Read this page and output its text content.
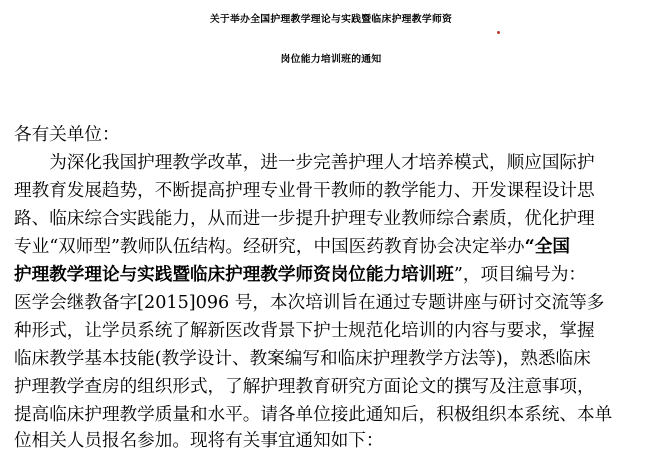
关于举办全国护理教学理论与实践暨临床护理教学师资
岗位能力培训班的通知
各有关单位：
　　为深化我国护理教学改革，进一步完善护理人才培养模式，顺应国际护
理教育发展趋势，不断提高护理专业骨干教师的教学能力、开发课程设计思
路、临床综合实践能力，从而进一步提升护理专业教师综合素质，优化护理
专业“双师型”教师队伍结构。经研究，中国医药教育协会决定举办“全国
护理教学理论与实践暨临床护理教学师资岗位能力培训班”，项目编号为：
医学会继教备字[2015]096 号，本次培训旨在通过专题讲座与研讨交流等多
种形式，让学员系统了解新医改背景下护士规范化培训的内容与要求，掌握
临床教学基本技能(教学设计、教案编写和临床护理教学方法等)，熟悉临床
护理教学查房的组织形式，了解护理教育研究方面论文的撰写及注意事项，
提高临床护理教学质量和水平。请各单位接此通知后，积极组织本系统、本单
位相关人员报名参加。现将有关事宜通知如下：
